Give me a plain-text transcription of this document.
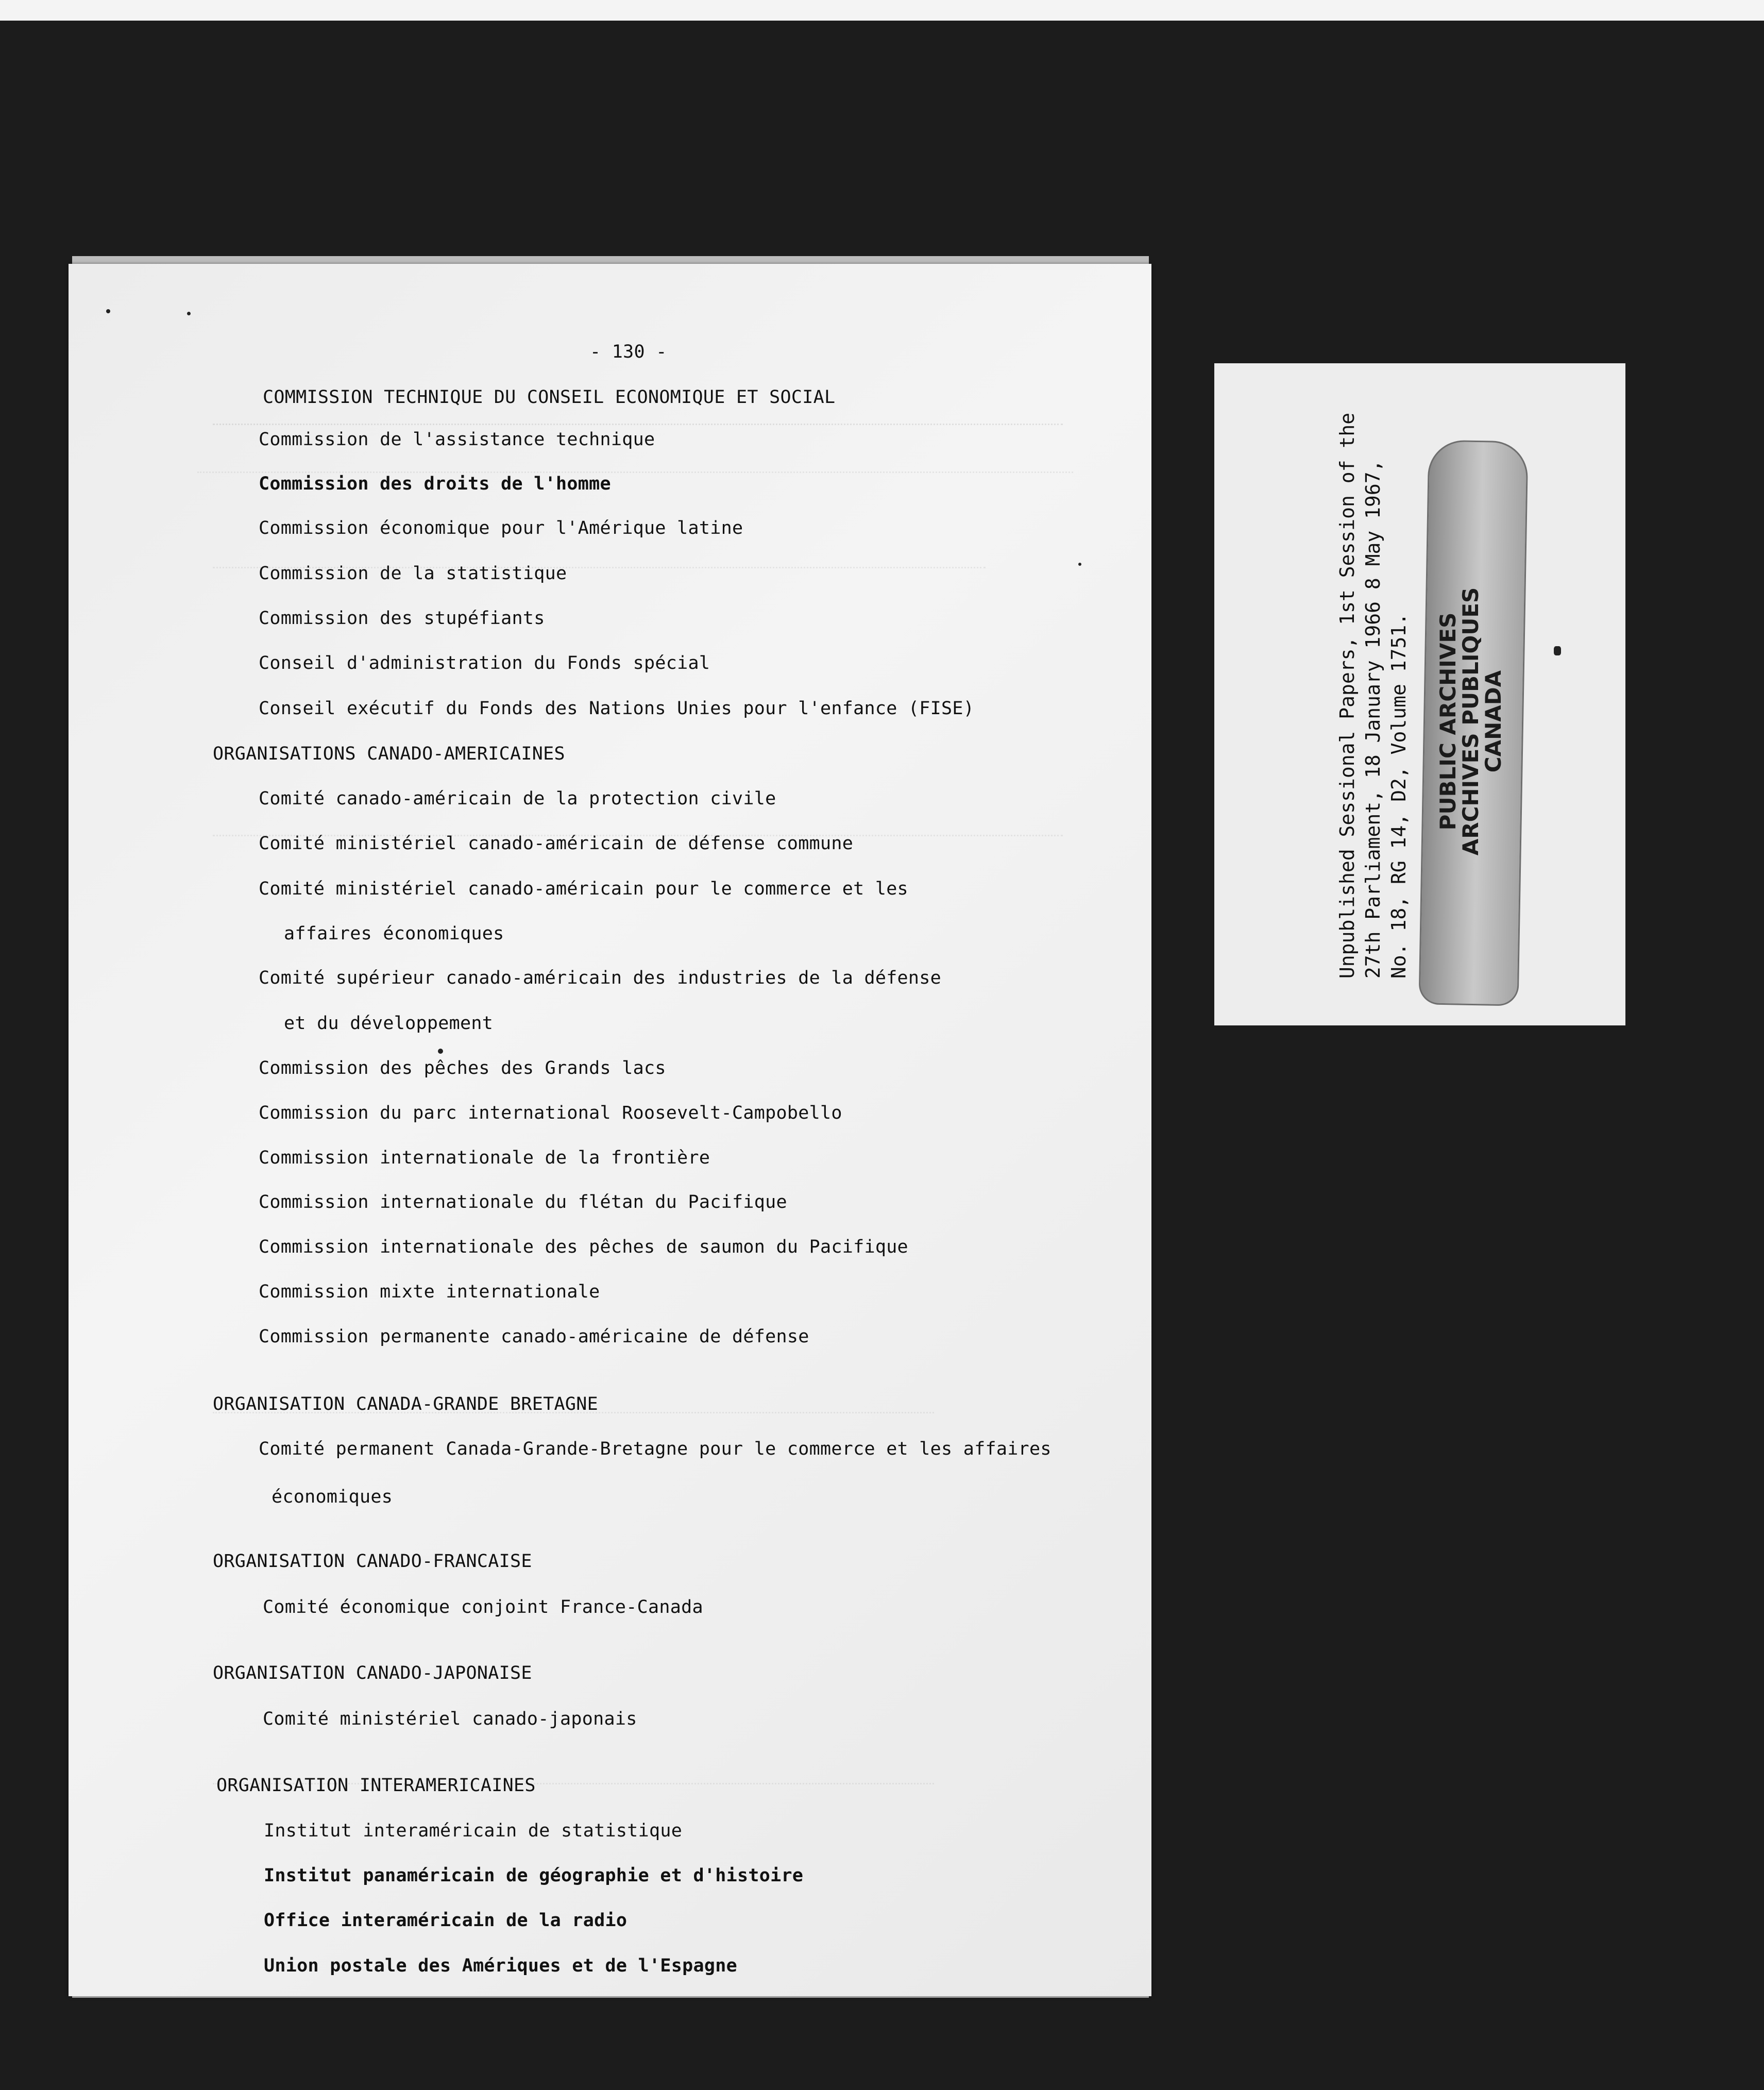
- 130 -
COMMISSION TECHNIQUE DU CONSEIL ECONOMIQUE ET SOCIAL
Commission de l'assistance technique
Commission des droits de l'homme
Commission économique pour l'Amérique latine
Commission de la statistique
Commission des stupéfiants
Conseil d'administration du Fonds spécial
Conseil exécutif du Fonds des Nations Unies pour l'enfance (FISE)
ORGANISATIONS CANADO-AMERICAINES
Comité canado-américain de la protection civile
Comité ministériel canado-américain de défense commune
Comité ministériel canado-américain pour le commerce et les
affaires économiques
Comité supérieur canado-américain des industries de la défense
et du développement
Commission des pêches des Grands lacs
Commission du parc international Roosevelt-Campobello
Commission internationale de la frontière
Commission internationale du flétan du Pacifique
Commission internationale des pêches de saumon du Pacifique
Commission mixte internationale
Commission permanente canado-américaine de défense
ORGANISATION CANADA-GRANDE BRETAGNE
Comité permanent Canada-Grande-Bretagne pour le commerce et les affaires
économiques
ORGANISATION CANADO-FRANCAISE
Comité économique conjoint France-Canada
ORGANISATION CANADO-JAPONAISE
Comité ministériel canado-japonais
ORGANISATION INTERAMERICAINES
Institut interaméricain de statistique
Institut panaméricain de géographie et d'histoire
Office interaméricain de la radio
Union postale des Amériques et de l'Espagne
PUBLIC ARCHIVES
ARCHIVES PUBLIQUES
CANADA
Unpublished Sessional Papers, 1st Session of the 27th Parliament, 18 January 1966 8 May 1967, No. 18, RG 14, D2, Volume 1751.
